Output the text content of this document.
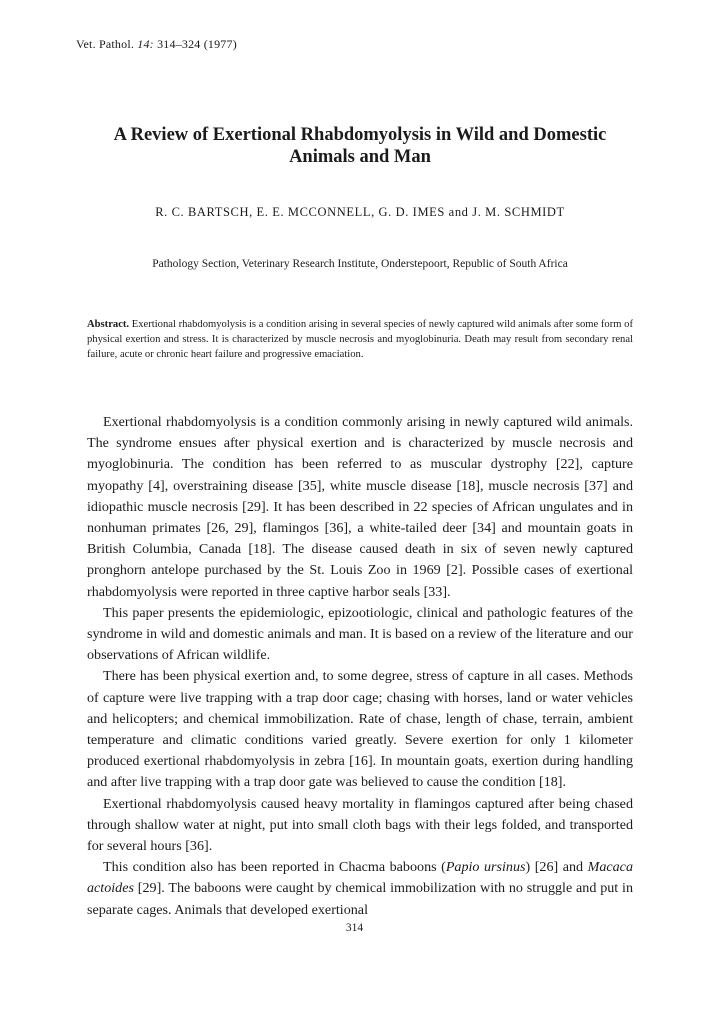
Vet. Pathol. 14: 314–324 (1977)
A Review of Exertional Rhabdomyolysis in Wild and Domestic
Animals and Man
R. C. BARTSCH, E. E. MCCONNELL, G. D. IMES and J. M. SCHMIDT
Pathology Section, Veterinary Research Institute, Onderstepoort, Republic of South Africa
Abstract. Exertional rhabdomyolysis is a condition arising in several species of newly captured wild animals after some form of physical exertion and stress. It is characterized by muscle necrosis and myoglobinuria. Death may result from secondary renal failure, acute or chronic heart failure and progressive emaciation.

Exertional rhabdomyolysis is a condition commonly arising in newly captured wild animals. The syndrome ensues after physical exertion and is characterized by muscle necrosis and myoglobinuria. The condition has been referred to as muscular dystrophy [22], capture myopathy [4], overstraining disease [35], white muscle disease [18], muscle necrosis [37] and idiopathic muscle necrosis [29]. It has been described in 22 species of African ungulates and in nonhuman primates [26, 29], flamingos [36], a white-tailed deer [34] and mountain goats in British Columbia, Canada [18]. The disease caused death in six of seven newly captured pronghorn antelope purchased by the St. Louis Zoo in 1969 [2]. Possible cases of exertional rhabdomyolysis were reported in three captive harbor seals [33].

This paper presents the epidemiologic, epizootiologic, clinical and pathologic features of the syndrome in wild and domestic animals and man. It is based on a review of the literature and our observations of African wildlife.

There has been physical exertion and, to some degree, stress of capture in all cases. Methods of capture were live trapping with a trap door cage; chasing with horses, land or water vehicles and helicopters; and chemical immobilization. Rate of chase, length of chase, terrain, ambient temperature and climatic conditions varied greatly. Severe exertion for only 1 kilometer produced exertional rhabdomyolysis in zebra [16]. In mountain goats, exertion during handling and after live trapping with a trap door gate was believed to cause the condition [18].

Exertional rhabdomyolysis caused heavy mortality in flamingos captured after being chased through shallow water at night, put into small cloth bags with their legs folded, and transported for several hours [36].

This condition also has been reported in Chacma baboons (Papio ursinus) [26] and Macaca actoides [29]. The baboons were caught by chemical immobilization with no struggle and put in separate cages. Animals that developed exertional

314
